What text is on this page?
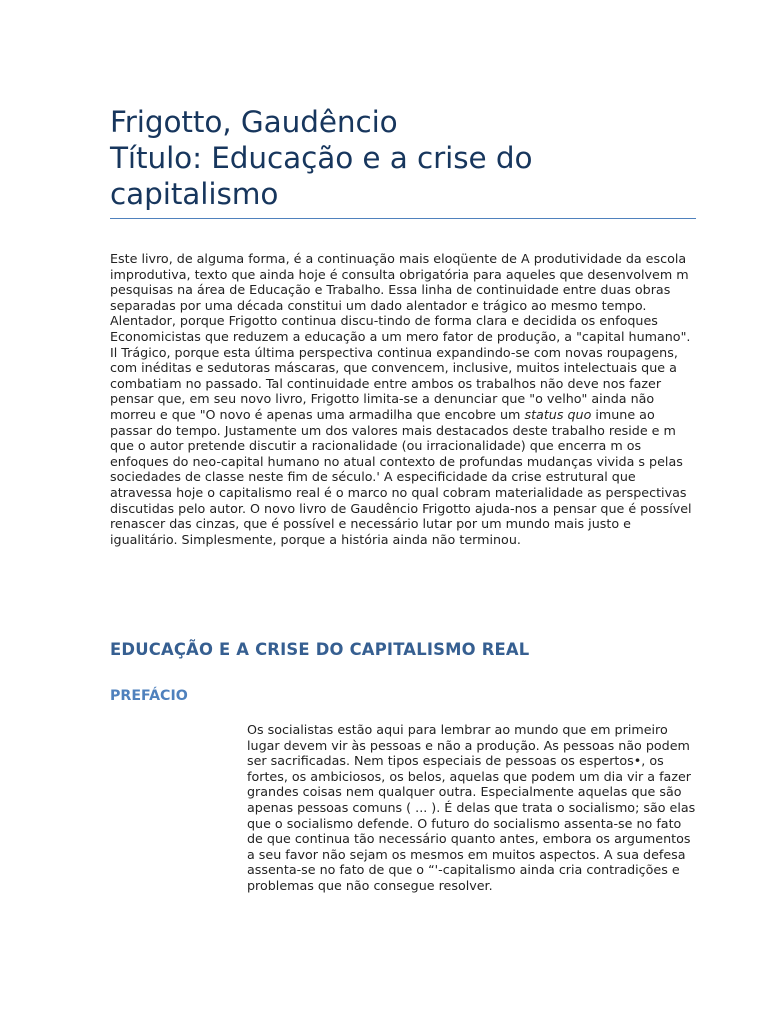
Frigotto, Gaudêncio
Título: Educação e a crise do
capitalismo

Este livro, de alguma forma, é a continuação mais eloqüente de A produtividade da escola improdutiva, texto que ainda hoje é consulta obrigatória para aqueles que desenvolvem m pesquisas na área de Educação e Trabalho. Essa linha de continuidade entre duas obras separadas por uma década constitui um dado alentador e trágico ao mesmo tempo. Alentador, porque Frigotto continua discu-tindo de forma clara e decidida os enfoques Economicistas que reduzem a educação a um mero fator de produção, a "capital humano". Il Trágico, porque esta última perspectiva continua expandindo-se com novas roupagens, com inéditas e sedutoras máscaras, que convencem, inclusive, muitos intelectuais que a combatiam no passado. Tal continuidade entre ambos os trabalhos não deve nos fazer pensar que, em seu novo livro, Frigotto limita-se a denunciar que "o velho" ainda não morreu e que "O novo é apenas uma armadilha que encobre um status quo imune ao passar do tempo. Justamente um dos valores mais destacados deste trabalho reside e m que o autor pretende discutir a racionalidade (ou irracionalidade) que encerra m os enfoques do neo-capital humano no atual contexto de profundas mudanças vivida s pelas sociedades de classe neste fim de século.' A especificidade da crise estrutural que atravessa hoje o capitalismo real é o marco no qual cobram materialidade as perspectivas discutidas pelo autor. O novo livro de Gaudêncio Frigotto ajuda-nos a pensar que é possível renascer das cinzas, que é possível e necessário lutar por um mundo mais justo e igualitário. Simplesmente, porque a história ainda não terminou.

EDUCAÇÃO E A CRISE DO CAPITALISMO REAL
PREFÁCIO

Os socialistas estão aqui para lembrar ao mundo que em primeiro lugar devem vir às pessoas e não a produção. As pessoas não podem ser sacrificadas. Nem tipos especiais de pessoas os espertos•, os fortes, os ambiciosos, os belos, aquelas que podem um dia vir a fazer grandes coisas nem qualquer outra. Especialmente aquelas que são apenas pessoas comuns ( ... ). É delas que trata o socialismo; são elas que o socialismo defende. O futuro do socialismo assenta-se no fato de que continua tão necessário quanto antes, embora os argumentos a seu favor não sejam os mesmos em muitos aspectos. A sua defesa assenta-se no fato de que o “'-capitalismo ainda cria contradições e problemas que não consegue resolver.
